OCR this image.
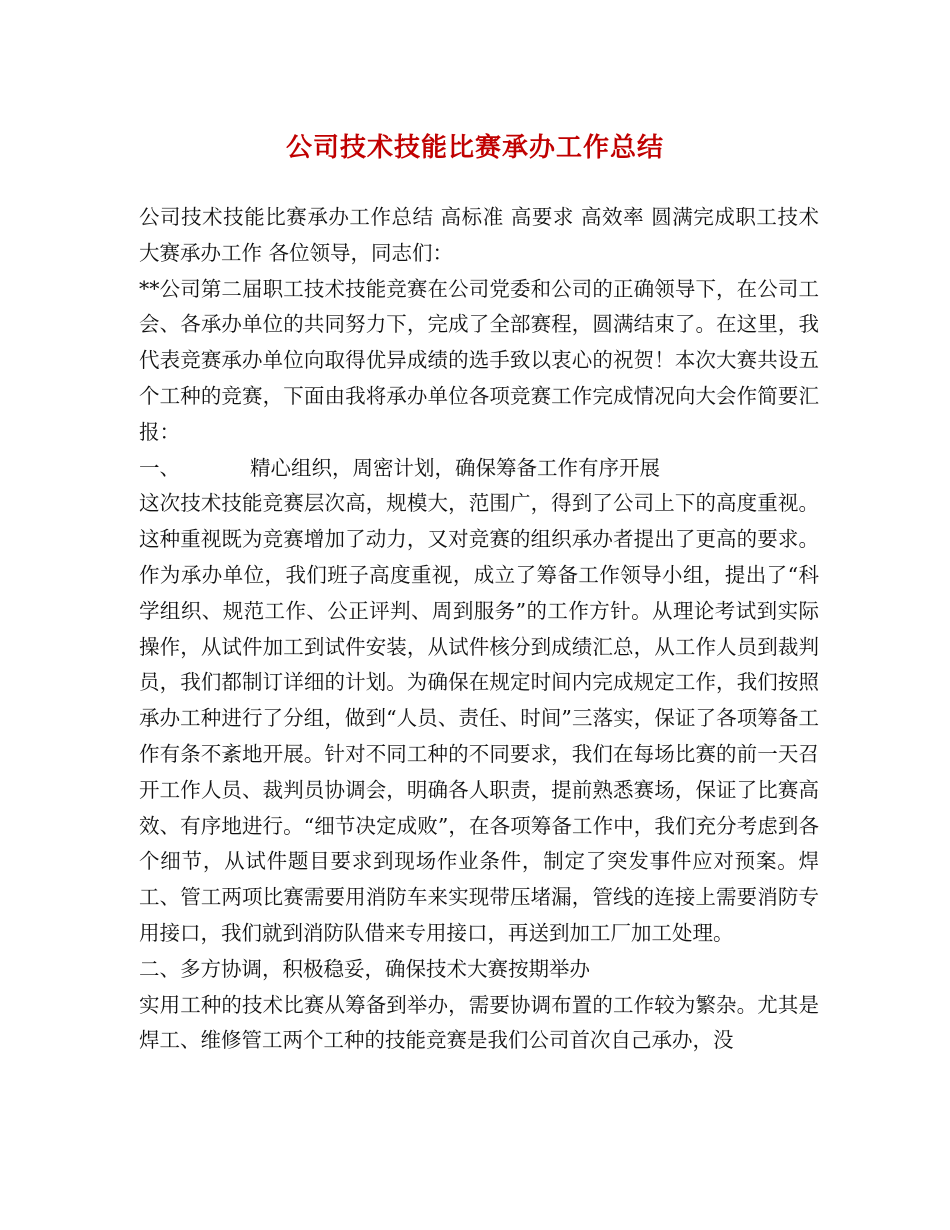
公司技术技能比赛承办工作总结

公司技术技能比赛承办工作总结 高标准 高要求 高效率 圆满完成职工技术大赛承办工作 各位领导，同志们：

**公司第二届职工技术技能竞赛在公司党委和公司的正确领导下，在公司工会、各承办单位的共同努力下，完成了全部赛程，圆满结束了。在这里，我代表竞赛承办单位向取得优异成绩的选手致以衷心的祝贺！本次大赛共设五个工种的竞赛，下面由我将承办单位各项竞赛工作完成情况向大会作简要汇报：

一、	精心组织，周密计划，确保筹备工作有序开展

这次技术技能竞赛层次高，规模大，范围广，得到了公司上下的高度重视。这种重视既为竞赛增加了动力，又对竞赛的组织承办者提出了更高的要求。作为承办单位，我们班子高度重视，成立了筹备工作领导小组，提出了“科学组织、规范工作、公正评判、周到服务”的工作方针。从理论考试到实际操作，从试件加工到试件安装，从试件核分到成绩汇总，从工作人员到裁判员，我们都制订详细的计划。为确保在规定时间内完成规定工作，我们按照承办工种进行了分组，做到“人员、责任、时间”三落实，保证了各项筹备工作有条不紊地开展。针对不同工种的不同要求，我们在每场比赛的前一天召开工作人员、裁判员协调会，明确各人职责，提前熟悉赛场，保证了比赛高效、有序地进行。“细节决定成败”，在各项筹备工作中，我们充分考虑到各个细节，从试件题目要求到现场作业条件，制定了突发事件应对预案。焊工、管工两项比赛需要用消防车来实现带压堵漏，管线的连接上需要消防专用接口，我们就到消防队借来专用接口，再送到加工厂加工处理。

二、多方协调，积极稳妥，确保技术大赛按期举办

实用工种的技术比赛从筹备到举办，需要协调布置的工作较为繁杂。尤其是焊工、维修管工两个工种的技能竞赛是我们公司首次自己承办，没
